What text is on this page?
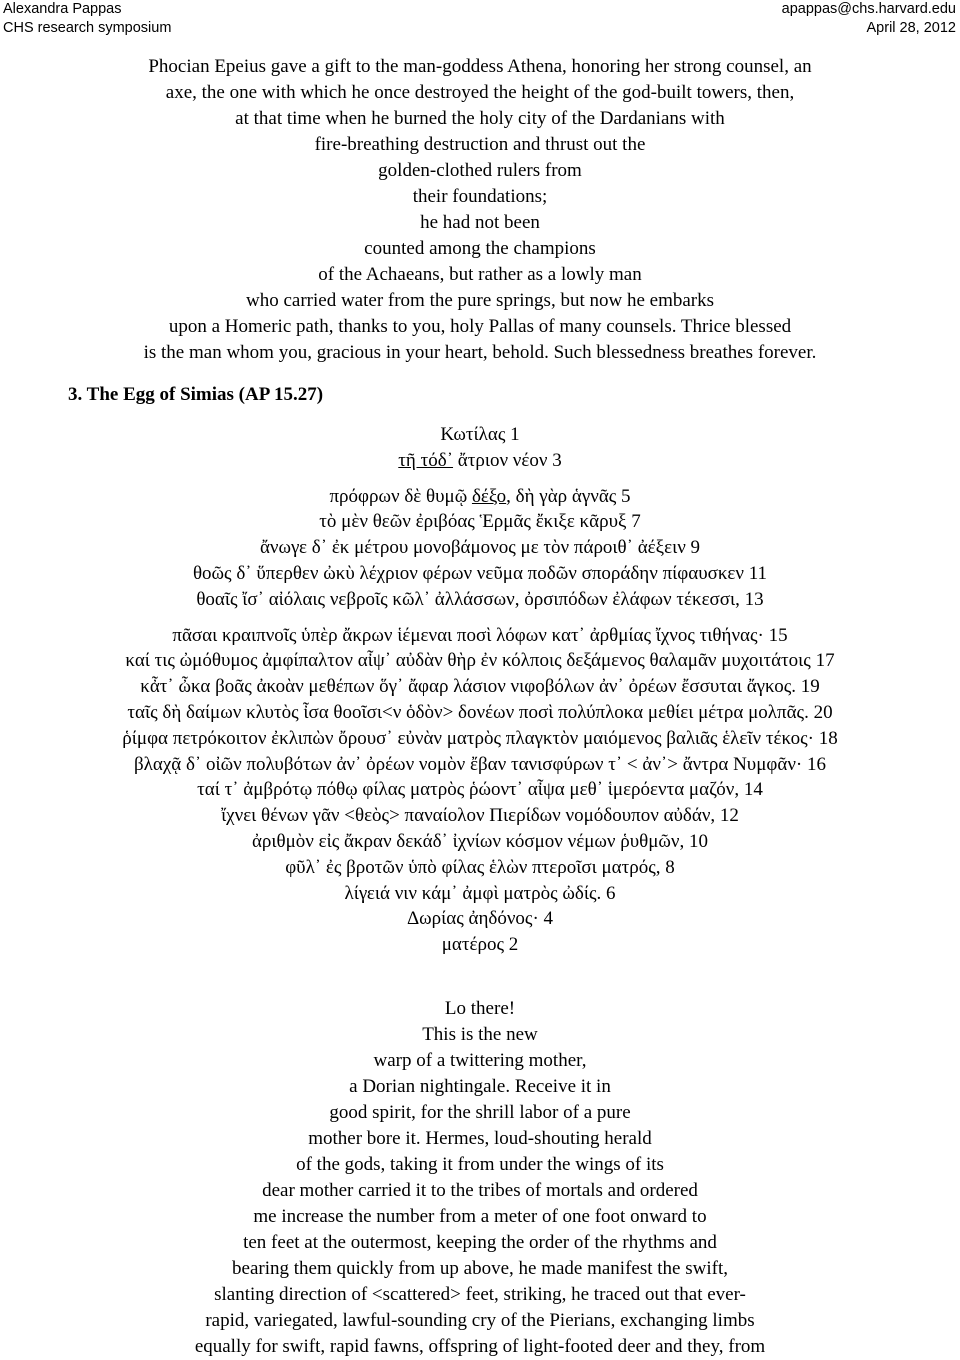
Alexandra Pappas
CHS research symposium
apappas@chs.harvard.edu
April 28, 2012
Phocian Epeius gave a gift to the man-goddess Athena, honoring her strong counsel, an
axe, the one with which he once destroyed the height of the god-built towers, then,
at that time when he burned the holy city of the Dardanians with
fire-breathing destruction and thrust out the
golden-clothed rulers from
their foundations;
he had not been
counted among the champions
of the Achaeans, but rather as a lowly man
who carried water from the pure springs, but now he embarks
upon a Homeric path, thanks to you, holy Pallas of many counsels. Thrice blessed
is the man whom you, gracious in your heart, behold. Such blessedness breathes forever.
3. The Egg of Simias (AP 15.27)
Κωτίλας 1
τῆ τόδ᾽ ἄτριον νέον 3
πρόφρων δὲ θυμῷ δέξο, δὴ γὰρ ἁγνᾶς 5
τὸ μὲν θεῶν ἐριβόας Ἑρμᾶς ἔκιξε κᾶρυξ 7
ἄνωγε δ᾽ ἐκ μέτρου μονοβάμονος με τὸν πάροιθ᾽ ἀέξειν 9
θοῶς δ᾽ ὕπερθεν ὠκὺ λέχριον φέρων νεῦμα ποδῶν σποράδην πίφαυσκεν 11
θοαῖς ἴσ᾽ αἰόλαις νεβροῖς κῶλ᾽ ἀλλάσσων, ὀρσιπόδων ἐλάφων τέκεσσι, 13
πᾶσαι κραιπνοῖς ὑπὲρ ἄκρων ἱέμεναι ποσὶ λόφων κατ᾽ ἀρθμίας ἴχνος τιθήνας· 15
καί τις ὠμόθυμος ἀμφίπαλτον αἶψ᾽ αὐδὰν θὴρ ἐν κόλποις δεξάμενος θαλαμᾶν μυχοιτάτοις 17
κἆτ᾽ ὦκα βοᾶς ἀκοὰν μεθέπων ὅγ᾽ ἄφαρ λάσιον νιφοβόλων ἀν᾽ ὀρέων ἔσσυται ἄγκος. 19
ταῖς δὴ δαίμων κλυτὸς ἶσα θοοῖσι<ν ὁδὸν> δονέων ποσὶ πολύπλοκα μεθίει μέτρα μολπᾶς. 20
ῥίμφα πετρόκοιτον ἐκλιπὼν ὄρουσ᾽ εὐνὰν ματρὸς πλαγκτὸν μαιόμενος βαλιᾶς ἑλεῖν τέκος· 18
βλαχᾷ δ᾽ οἰῶν πολυβότων ἀν᾽ ὀρέων νομὸν ἔβαν τανισφύρων τ᾽ < ἀν᾽> ἄντρα Νυμφᾶν· 16
ταί τ᾽ ἀμβρότῳ πόθῳ φίλας ματρὸς ῥώοντ᾽ αἶψα μεθ᾽ ἱμερόεντα μαζόν, 14
ἴχνει θένων γᾶν <θεὸς> παναίολον Πιερίδων νομόδουπον αὐδάν, 12
ἀριθμὸν εἰς ἄκραν δεκάδ᾽ ἰχνίων κόσμον νέμων ῥυθμῶν, 10
φῦλ᾽ ἐς βροτῶν ὑπὸ φίλας ἑλὼν πτεροῖσι ματρός, 8
λίγειά νιν κάμ᾽ ἀμφὶ ματρὸς ὠδίς. 6
Δωρίας ἀηδόνος· 4
ματέρος 2
Lo there!
This is the new
warp of a twittering mother,
a Dorian nightingale. Receive it in
good spirit, for the shrill labor of a pure
mother bore it. Hermes, loud-shouting herald
of the gods, taking it from under the wings of its
dear mother carried it to the tribes of mortals and ordered
me increase the number from a meter of one foot onward to
ten feet at the outermost, keeping the order of the rhythms and
bearing them quickly from up above, he made manifest the swift,
slanting direction of <scattered> feet, striking, he traced out that ever-
rapid, variegated, lawful-sounding cry of the Pierians, exchanging limbs
equally for swift, rapid fawns, offspring of light-footed deer and they, from
